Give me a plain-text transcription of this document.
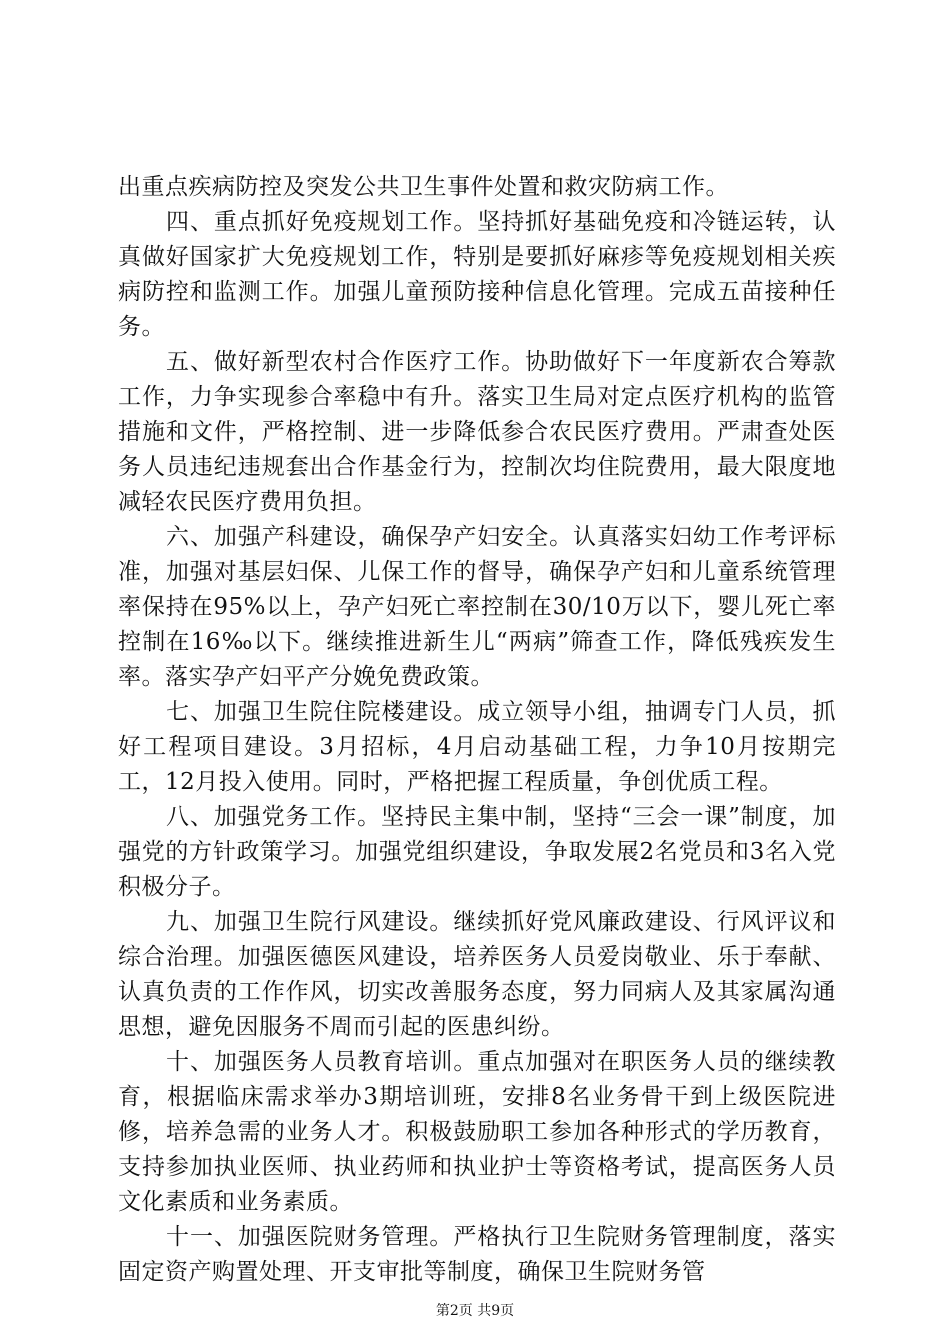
出重点疾病防控及突发公共卫生事件处置和救灾防病工作。

四、重点抓好免疫规划工作。坚持抓好基础免疫和冷链运转，认真做好国家扩大免疫规划工作，特别是要抓好麻疹等免疫规划相关疾病防控和监测工作。加强儿童预防接种信息化管理。完成五苗接种任务。

五、做好新型农村合作医疗工作。协助做好下一年度新农合筹款工作，力争实现参合率稳中有升。落实卫生局对定点医疗机构的监管措施和文件，严格控制、进一步降低参合农民医疗费用。严肃查处医务人员违纪违规套出合作基金行为，控制次均住院费用，最大限度地减轻农民医疗费用负担。

六、加强产科建设，确保孕产妇安全。认真落实妇幼工作考评标准，加强对基层妇保、儿保工作的督导，确保孕产妇和儿童系统管理率保持在95%以上，孕产妇死亡率控制在30/10万以下，婴儿死亡率控制在16‰以下。继续推进新生儿“两病”筛查工作，降低残疾发生率。落实孕产妇平产分娩免费政策。

七、加强卫生院住院楼建设。成立领导小组，抽调专门人员，抓好工程项目建设。3月招标，4月启动基础工程，力争10月按期完工，12月投入使用。同时，严格把握工程质量，争创优质工程。

八、加强党务工作。坚持民主集中制，坚持“三会一课”制度，加强党的方针政策学习。加强党组织建设，争取发展2名党员和3名入党积极分子。

九、加强卫生院行风建设。继续抓好党风廉政建设、行风评议和综合治理。加强医德医风建设，培养医务人员爱岗敬业、乐于奉献、认真负责的工作作风，切实改善服务态度，努力同病人及其家属沟通思想，避免因服务不周而引起的医患纠纷。

十、加强医务人员教育培训。重点加强对在职医务人员的继续教育，根据临床需求举办3期培训班，安排8名业务骨干到上级医院进修，培养急需的业务人才。积极鼓励职工参加各种形式的学历教育，支持参加执业医师、执业药师和执业护士等资格考试，提高医务人员文化素质和业务素质。

十一、加强医院财务管理。严格执行卫生院财务管理制度，落实固定资产购置处理、开支审批等制度，确保卫生院财务管

第2页 共9页
